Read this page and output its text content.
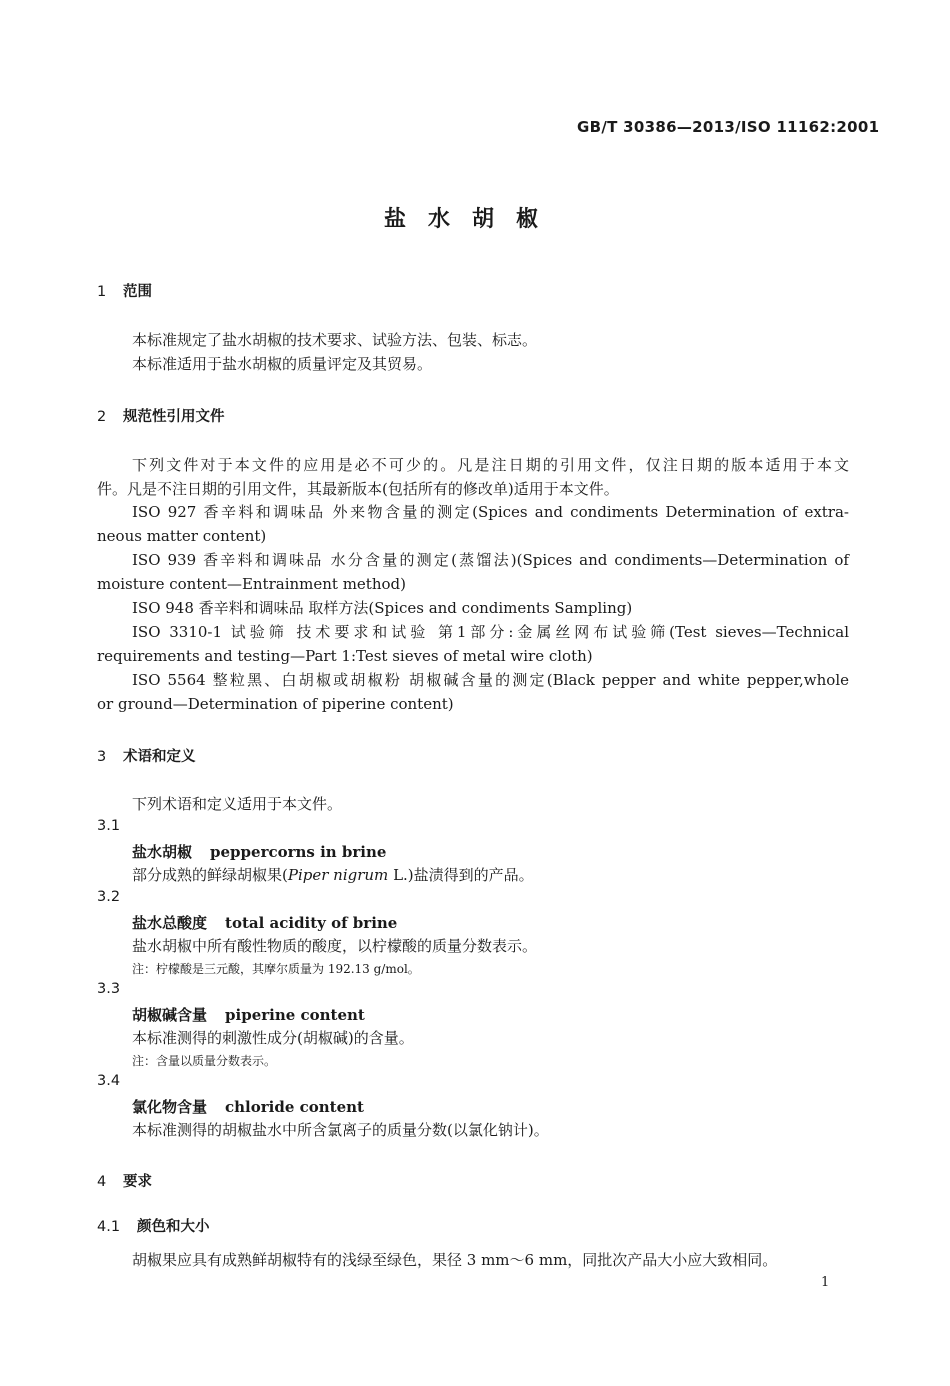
GB/T 30386—2013/ISO 11162:2001
盐水胡椒
1 范围
本标准规定了盐水胡椒的技术要求、试验方法、包装、标志。
本标准适用于盐水胡椒的质量评定及其贸易。
2 规范性引用文件
下列文件对于本文件的应用是必不可少的。凡是注日期的引用文件，仅注日期的版本适用于本文
件。凡是不注日期的引用文件，其最新版本(包括所有的修改单)适用于本文件。
ISO 927 香辛料和调味品 外来物含量的测定(Spices and condiments Determination of extra-
neous matter content)
ISO 939 香辛料和调味品 水分含量的测定(蒸馏法)(Spices and condiments—Determination of
moisture content—Entrainment method)
ISO 948 香辛料和调味品 取样方法(Spices and condiments Sampling)
ISO 3310-1 试验筛 技术要求和试验 第1部分:金属丝网布试验筛(Test sieves—Technical
requirements and testing—Part 1:Test sieves of metal wire cloth)
ISO 5564 整粒黑、白胡椒或胡椒粉 胡椒碱含量的测定(Black pepper and white pepper,whole
or ground—Determination of piperine content)
3 术语和定义
下列术语和定义适用于本文件。
3.1
盐水胡椒 peppercorns in brine
部分成熟的鲜绿胡椒果(Piper nigrum L.)盐渍得到的产品。
3.2
盐水总酸度 total acidity of brine
盐水胡椒中所有酸性物质的酸度，以柠檬酸的质量分数表示。
注：柠檬酸是三元酸，其摩尔质量为 192.13 g/mol。
3.3
胡椒碱含量 piperine content
本标准测得的刺激性成分(胡椒碱)的含量。
注：含量以质量分数表示。
3.4
氯化物含量 chloride content
本标准测得的胡椒盐水中所含氯离子的质量分数(以氯化钠计)。
4 要求
4.1 颜色和大小
胡椒果应具有成熟鲜胡椒特有的浅绿至绿色，果径 3 mm～6 mm，同批次产品大小应大致相同。
1
